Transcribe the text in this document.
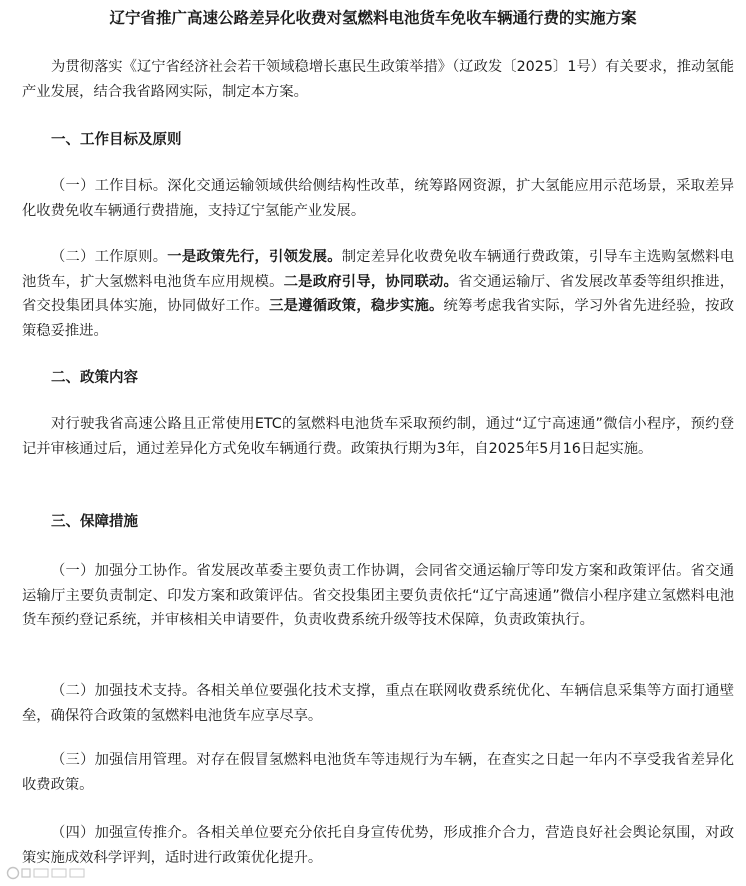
辽宁省推广高速公路差异化收费对氢燃料电池货车免收车辆通行费的实施方案
为贯彻落实《辽宁省经济社会若干领域稳增长惠民生政策举措》（辽政发〔2025〕1号）有关要求，推动氢能产业发展，结合我省路网实际，制定本方案。
一、工作目标及原则
（一）工作目标。深化交通运输领域供给侧结构性改革，统筹路网资源，扩大氢能应用示范场景，采取差异化收费免收车辆通行费措施，支持辽宁氢能产业发展。
（二）工作原则。一是政策先行，引领发展。制定差异化收费免收车辆通行费政策，引导车主选购氢燃料电池货车，扩大氢燃料电池货车应用规模。二是政府引导，协同联动。省交通运输厅、省发展改革委等组织推进，省交投集团具体实施，协同做好工作。三是遵循政策，稳步实施。统筹考虑我省实际，学习外省先进经验，按政策稳妥推进。
二、政策内容
对行驶我省高速公路且正常使用ETC的氢燃料电池货车采取预约制，通过“辽宁高速通”微信小程序，预约登记并审核通过后，通过差异化方式免收车辆通行费。政策执行期为3年，自2025年5月16日起实施。
三、保障措施
（一）加强分工协作。省发展改革委主要负责工作协调，会同省交通运输厅等印发方案和政策评估。省交通运输厅主要负责制定、印发方案和政策评估。省交投集团主要负责依托“辽宁高速通”微信小程序建立氢燃料电池货车预约登记系统，并审核相关申请要件，负责收费系统升级等技术保障，负责政策执行。
（二）加强技术支持。各相关单位要强化技术支撑，重点在联网收费系统优化、车辆信息采集等方面打通壁垒，确保符合政策的氢燃料电池货车应享尽享。
（三）加强信用管理。对存在假冒氢燃料电池货车等违规行为车辆，在查实之日起一年内不享受我省差异化收费政策。
（四）加强宣传推介。各相关单位要充分依托自身宣传优势，形成推介合力，营造良好社会舆论氛围，对政策实施成效科学评判，适时进行政策优化提升。
